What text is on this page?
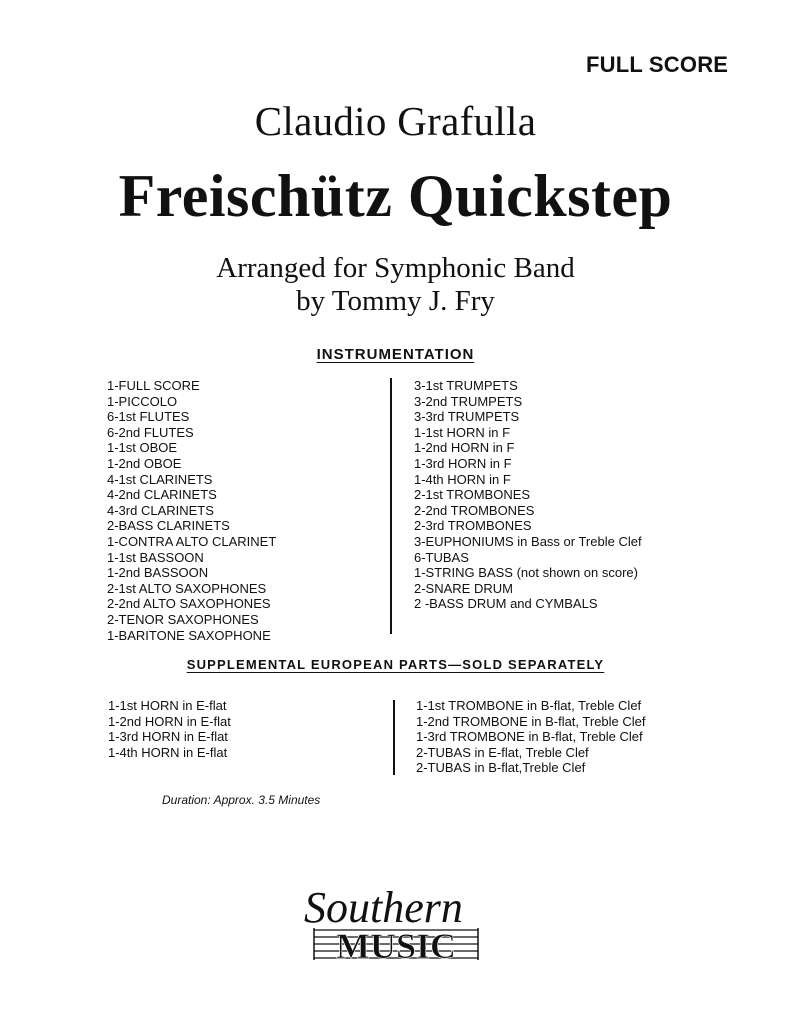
FULL SCORE
Claudio Grafulla
Freischütz Quickstep
Arranged for Symphonic Band
by Tommy J. Fry
INSTRUMENTATION
1-FULL SCORE
1-PICCOLO
6-1st FLUTES
6-2nd FLUTES
1-1st OBOE
1-2nd OBOE
4-1st CLARINETS
4-2nd CLARINETS
4-3rd CLARINETS
2-BASS CLARINETS
1-CONTRA ALTO CLARINET
1-1st BASSOON
1-2nd BASSOON
2-1st ALTO SAXOPHONES
2-2nd ALTO SAXOPHONES
2-TENOR SAXOPHONES
1-BARITONE SAXOPHONE
3-1st TRUMPETS
3-2nd TRUMPETS
3-3rd TRUMPETS
1-1st HORN in F
1-2nd HORN in F
1-3rd HORN in F
1-4th HORN in F
2-1st TROMBONES
2-2nd TROMBONES
2-3rd TROMBONES
3-EUPHONIUMS in Bass or Treble Clef
6-TUBAS
1-STRING BASS (not shown on score)
2-SNARE DRUM
2 -BASS DRUM and CYMBALS
SUPPLEMENTAL EUROPEAN PARTS—SOLD SEPARATELY
1-1st HORN in E-flat
1-2nd HORN in E-flat
1-3rd HORN in E-flat
1-4th HORN in E-flat
1-1st TROMBONE in B-flat, Treble Clef
1-2nd TROMBONE in B-flat, Treble Clef
1-3rd TROMBONE in B-flat, Treble Clef
2-TUBAS in E-flat, Treble Clef
2-TUBAS in B-flat,Treble Clef
Duration: Approx. 3.5 Minutes
Southern
MUSIC
